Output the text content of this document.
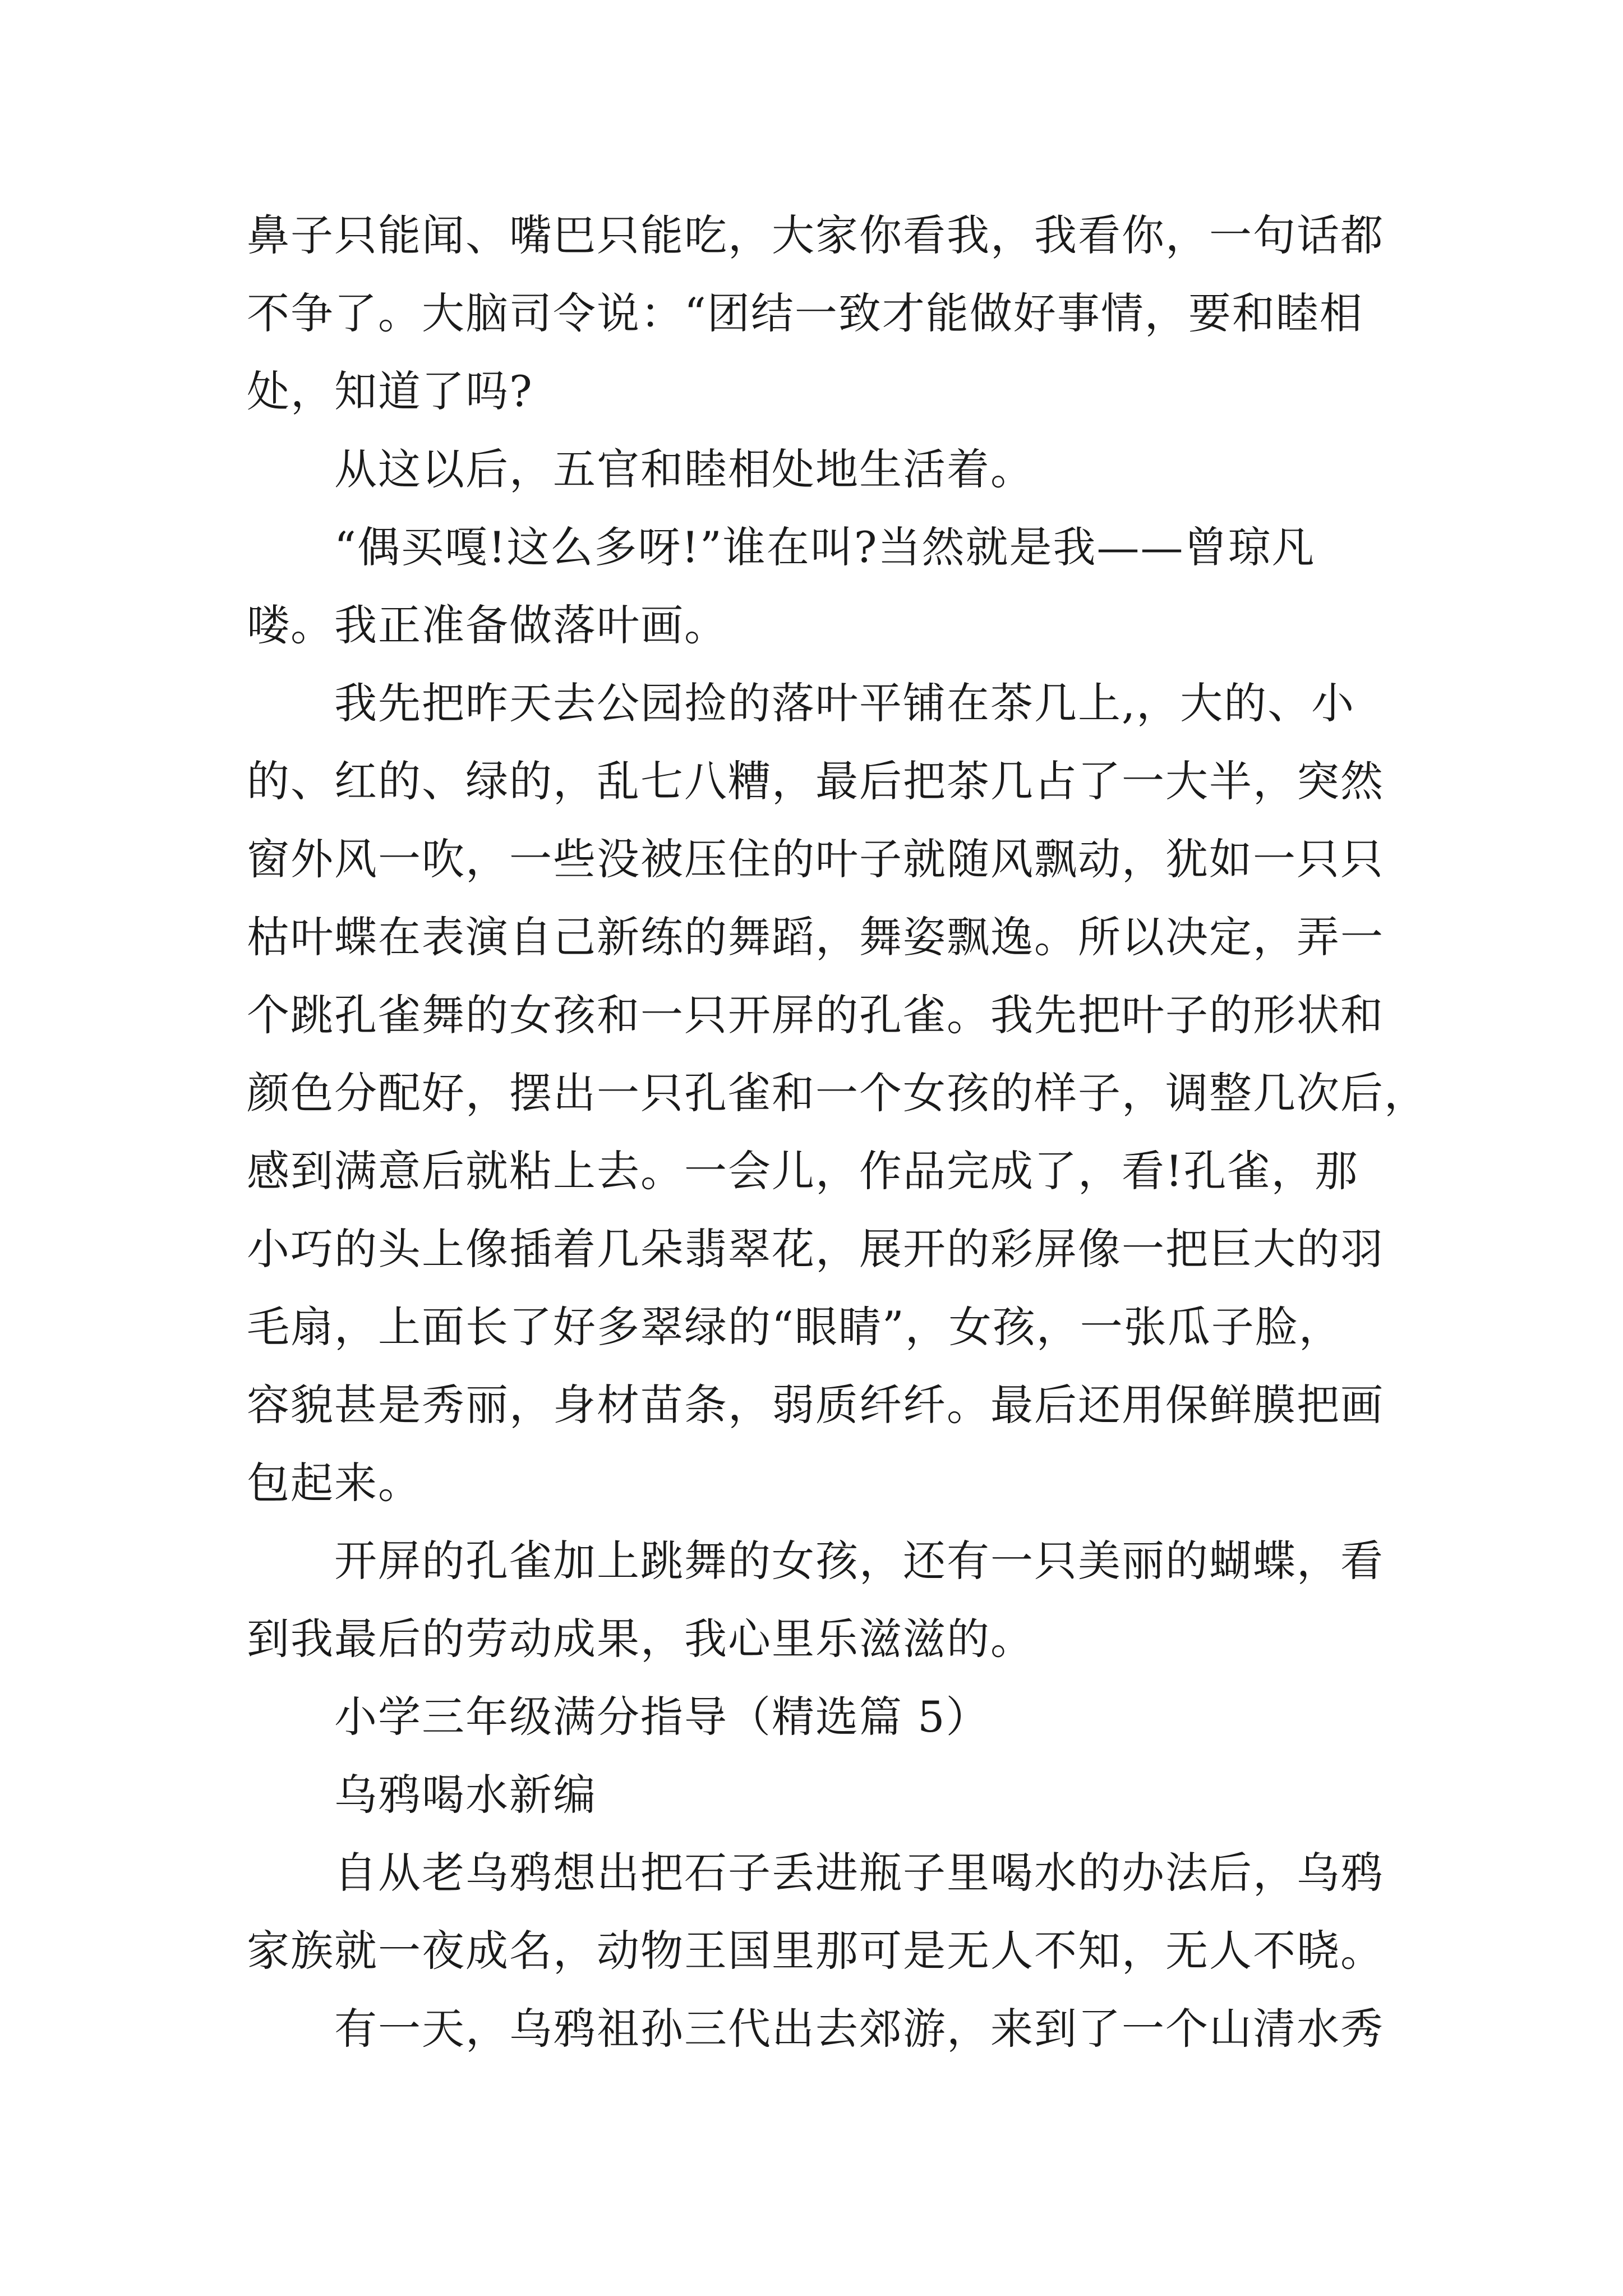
鼻子只能闻、嘴巴只能吃，大家你看我，我看你，一句话都
不争了。大脑司令说：“团结一致才能做好事情，要和睦相
处，知道了吗?
从这以后，五官和睦相处地生活着。
“偶买嘎!这么多呀!”谁在叫?当然就是我——曾琼凡
喽。我正准备做落叶画。
我先把昨天去公园捡的落叶平铺在茶几上,，大的、小
的、红的、绿的，乱七八糟，最后把茶几占了一大半，突然
窗外风一吹，一些没被压住的叶子就随风飘动，犹如一只只
枯叶蝶在表演自己新练的舞蹈，舞姿飘逸。所以决定，弄一
个跳孔雀舞的女孩和一只开屏的孔雀。我先把叶子的形状和
颜色分配好，摆出一只孔雀和一个女孩的样子，调整几次后，
感到满意后就粘上去。一会儿，作品完成了，看!孔雀，那
小巧的头上像插着几朵翡翠花，展开的彩屏像一把巨大的羽
毛扇，上面长了好多翠绿的“眼睛”，女孩，一张瓜子脸，
容貌甚是秀丽，身材苗条，弱质纤纤。最后还用保鲜膜把画
包起来。
开屏的孔雀加上跳舞的女孩，还有一只美丽的蝴蝶，看
到我最后的劳动成果，我心里乐滋滋的。
小学三年级满分指导（精选篇 5）
乌鸦喝水新编
自从老乌鸦想出把石子丢进瓶子里喝水的办法后，乌鸦
家族就一夜成名，动物王国里那可是无人不知，无人不晓。
有一天，乌鸦祖孙三代出去郊游，来到了一个山清水秀
